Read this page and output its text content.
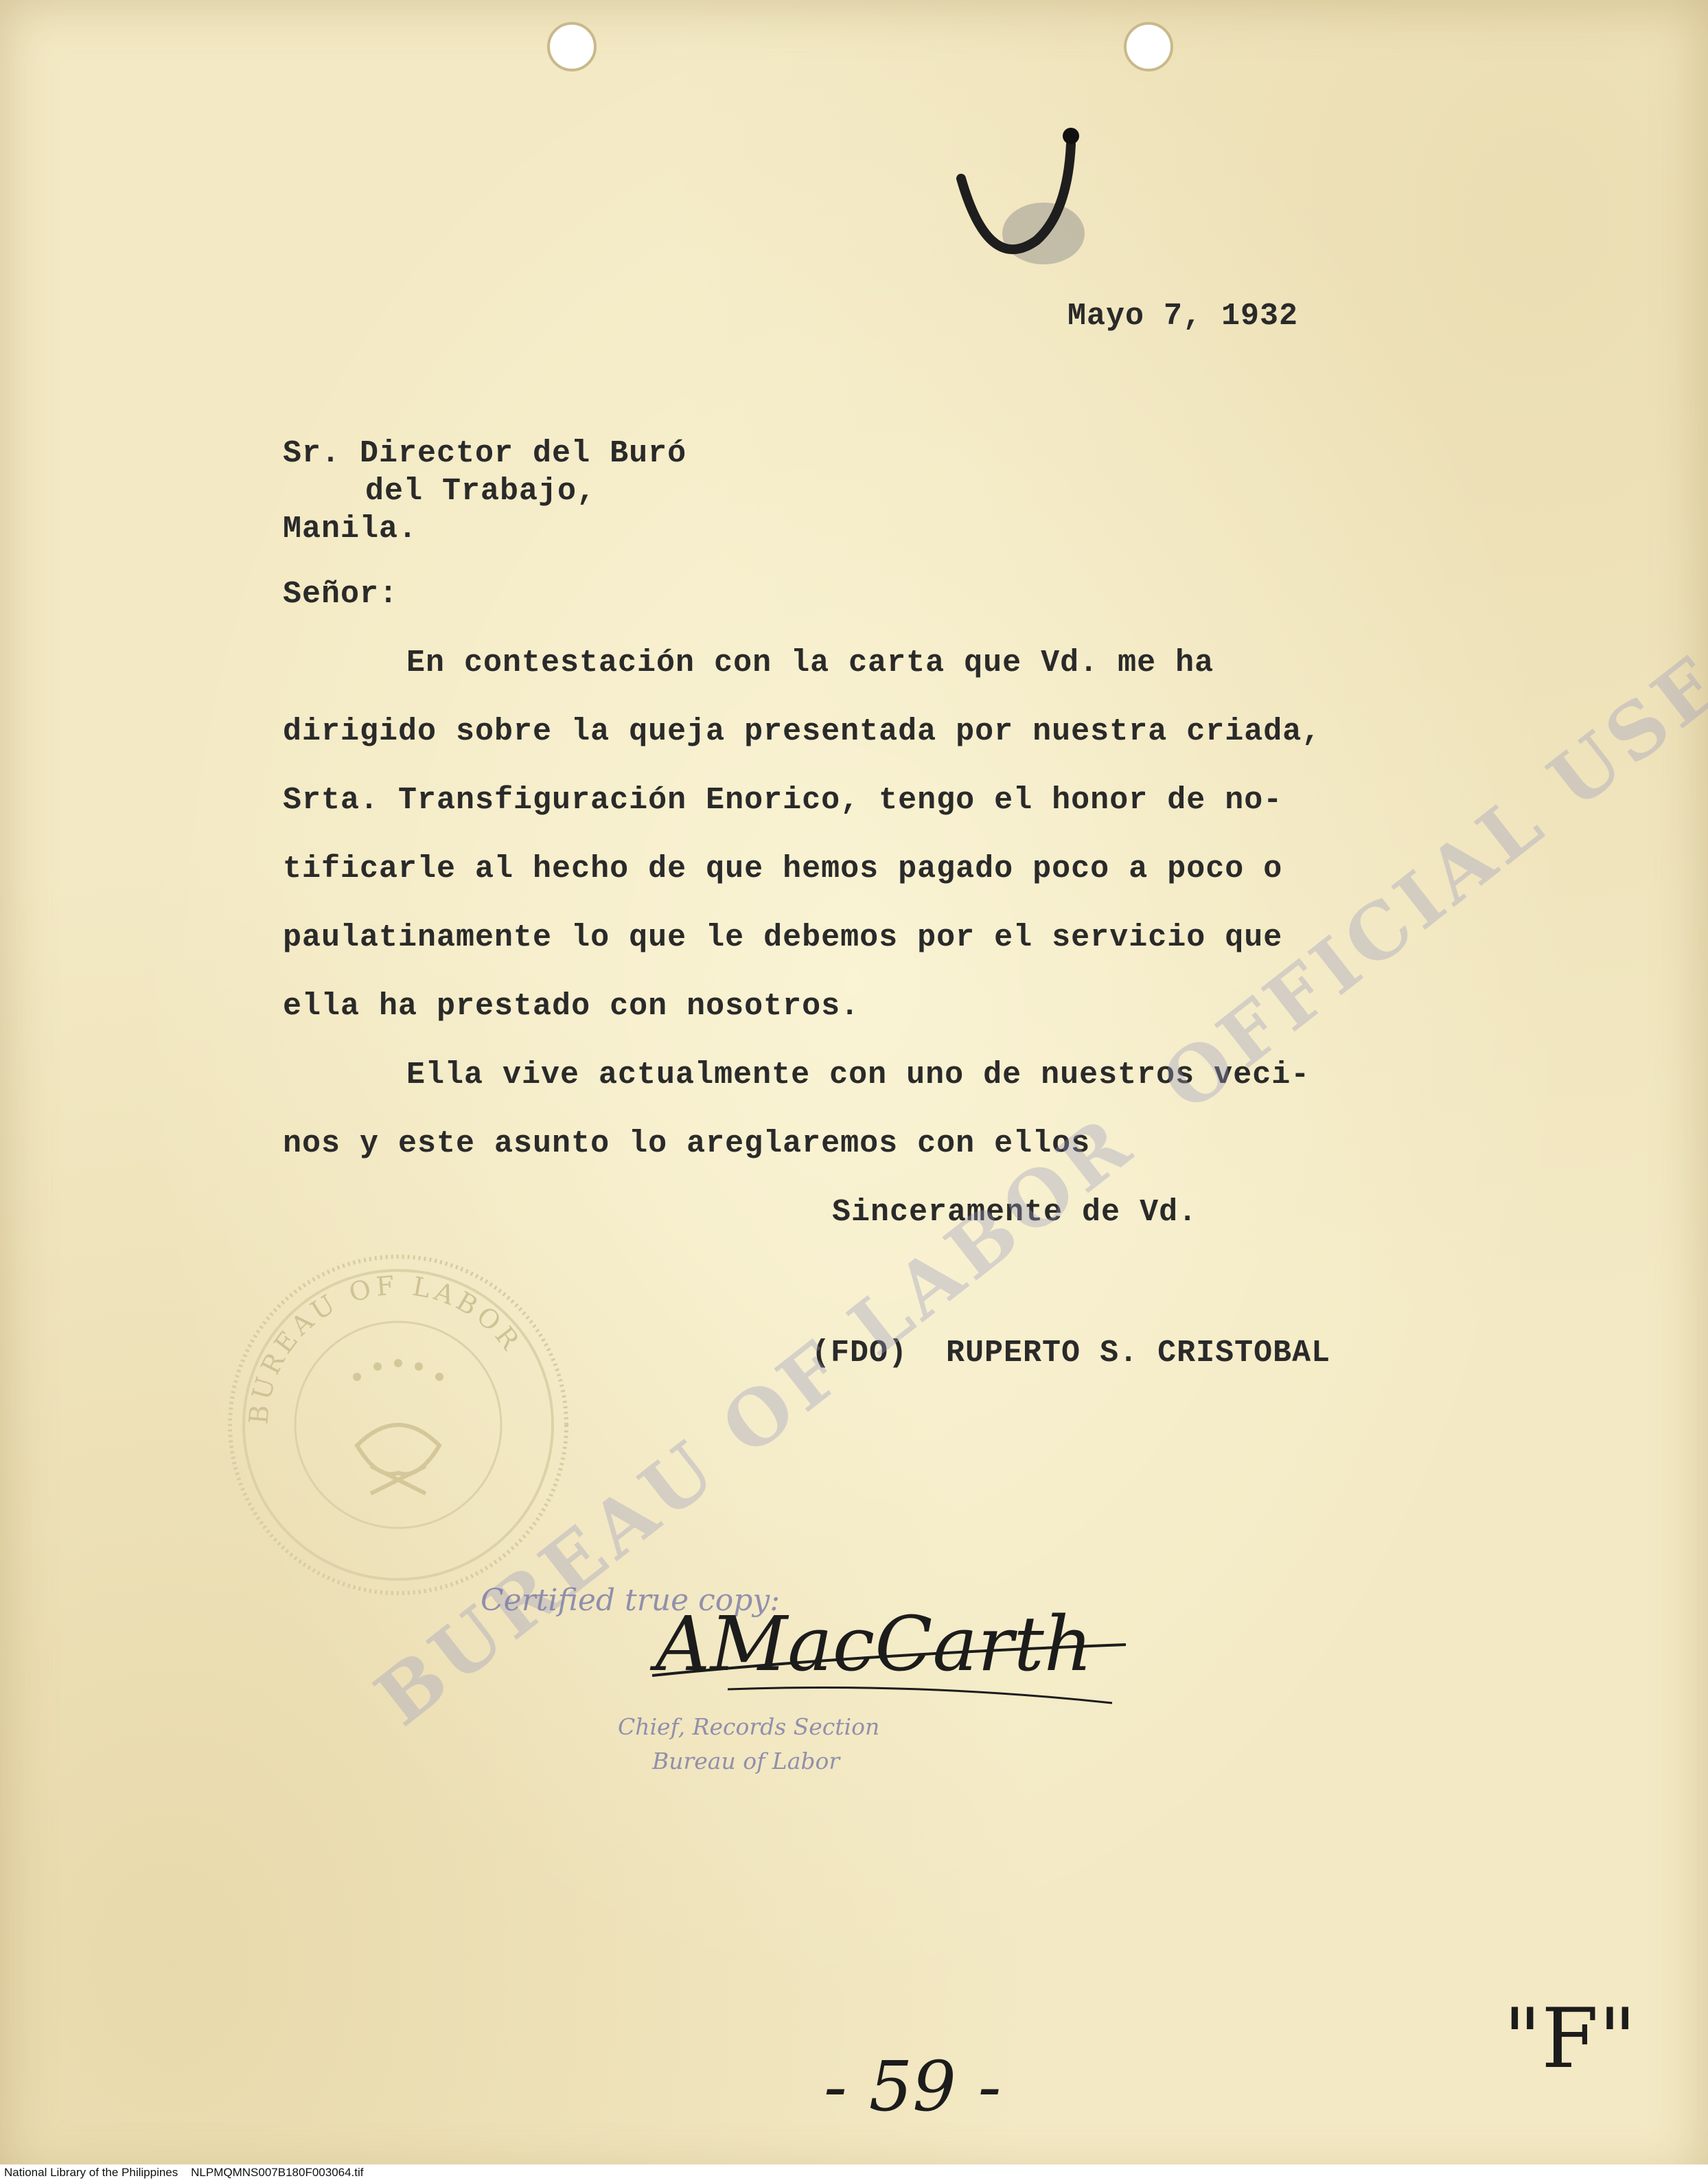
Mayo 7, 1932

Sr. Director del Buró

del Trabajo,

Manila.

Señor:

En contestación con la carta que Vd. me ha

dirigido sobre la queja presentada por nuestra criada,

Srta. Transfiguración Enorico, tengo el honor de no-

tificarle al hecho de que hemos pagado poco a poco o

paulatinamente lo que le debemos por el servicio que

ella ha prestado con nosotros.

Ella vive actualmente con uno de nuestros veci-

nos y este asunto lo areglaremos con ellos

Sinceramente de Vd.

(FDO)  RUPERTO S. CRISTOBAL

BUREAU OF LABOR

Certified true copy:

AMacCarth

Chief, Records Section

Bureau of Labor

- 59 -	"F"

National Library of the Philippines    NLPMQMNS007B180F003064.tif
